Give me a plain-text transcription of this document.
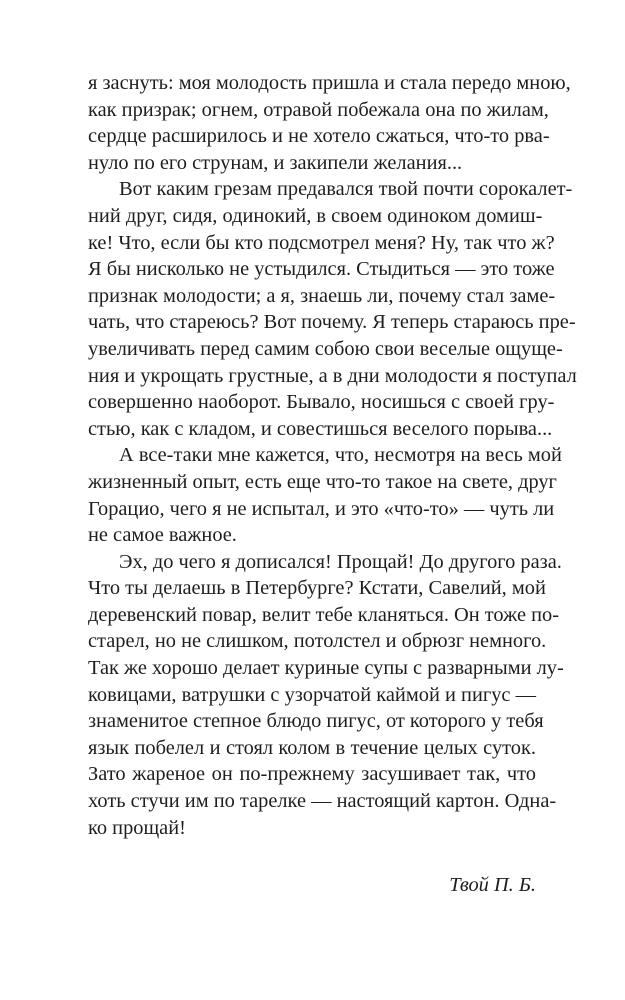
я заснуть: моя молодость пришла и стала передо мною,
как призрак; огнем, отравой побежала она по жилам,
сердце расширилось и не хотело сжаться, что-то рва-
нуло по его струнам, и закипели желания...
Вот каким грезам предавался твой почти сорокалет-
ний друг, сидя, одинокий, в своем одиноком домиш-
ке! Что, если бы кто подсмотрел меня? Ну, так что ж?
Я бы нисколько не устыдился. Стыдиться — это тоже
признак молодости; а я, знаешь ли, почему стал заме-
чать, что стареюсь? Вот почему. Я теперь стараюсь пре-
увеличивать перед самим собою свои веселые ощуще-
ния и укрощать грустные, а в дни молодости я поступал
совершенно наоборот. Бывало, носишься с своей гру-
стью, как с кладом, и совестишься веселого порыва...
А все-таки мне кажется, что, несмотря на весь мой
жизненный опыт, есть еще что-то такое на свете, друг
Горацио, чего я не испытал, и это «что-то» — чуть ли
не самое важное.
Эх, до чего я дописался! Прощай! До другого раза.
Что ты делаешь в Петербурге? Кстати, Савелий, мой
деревенский повар, велит тебе кланяться. Он тоже по-
старел, но не слишком, потолстел и обрюзг немного.
Так же хорошо делает куриные супы с разварными лу-
ковицами, ватрушки с узорчатой каймой и пигус —
знаменитое степное блюдо пигус, от которого у тебя
язык побелел и стоял колом в течение целых суток.
Зато жареное он по-прежнему засушивает так, что
хоть стучи им по тарелке — настоящий картон. Одна-
ко прощай!
Твой П. Б.
